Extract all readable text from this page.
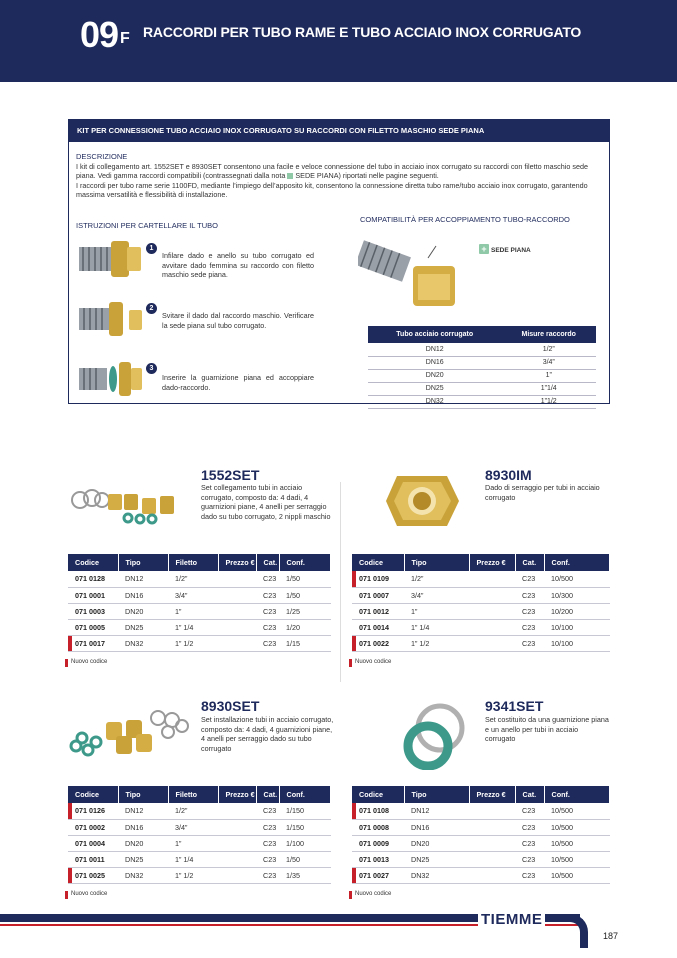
09 F RACCORDI PER TUBO RAME E TUBO ACCIAIO INOX CORRUGATO
KIT PER CONNESSIONE TUBO ACCIAIO INOX CORRUGATO SU RACCORDI CON FILETTO MASCHIO SEDE PIANA
DESCRIZIONE
I kit di collegamento art. 1552SET e 8930SET consentono una facile e veloce connessione del tubo in acciaio inox corrugato su raccordi con filetto maschio sede piana. Vedi gamma raccordi compatibili (contrassegnati dalla nota SEDE PIANA) riportati nelle pagine seguenti.
I raccordi per tubo rame serie 1100FD, mediante l’impiego dell’apposito kit, consentono la connessione diretta tubo rame/tubo acciaio inox corrugato, garantendo massima versatilità e flessibilità di installazione.
ISTRUZIONI PER CARTELLARE IL TUBO
COMPATIBILITÀ PER ACCOPPIAMENTO TUBO-RACCORDO
1
Infilare dado e anello su tubo corrugato ed avvitare dado femmina su raccordo con filetto maschio sede piana.
2
Svitare il dado dal raccordo maschio. Verificare la sede piana sul tubo corrugato.
3
Inserire la guarnizione piana ed accoppiare dado-raccordo.
+ SEDE PIANA
Tubo acciaio corrugato	Misure raccordo
DN12	1/2”
DN16	3/4”
DN20	1”
DN25	1”1/4
DN32	1”1/2
1552SET
Set collegamento tubi in acciaio corrugato, composto da: 4 dadi, 4 guarnizioni piane, 4 anelli per serraggio dado su tubo corrugato, 2 nippli maschio
Codice	Tipo	Filetto	Prezzo €	Cat.	Conf.
071 0128	DN12	1/2”		C23	1/50
071 0001	DN16	3/4”		C23	1/50
071 0003	DN20	1”		C23	1/25
071 0005	DN25	1” 1/4		C23	1/20
071 0017	DN32	1” 1/2		C23	1/15
Nuovo codice
8930IM
Dado di serraggio per tubi in acciaio corrugato
Codice	Tipo	Prezzo €	Cat.	Conf.
071 0109	1/2”		C23	10/500
071 0007	3/4”		C23	10/300
071 0012	1”		C23	10/200
071 0014	1” 1/4		C23	10/100
071 0022	1” 1/2		C23	10/100
Nuovo codice
8930SET
Set installazione tubi in acciaio corrugato, composto da: 4 dadi, 4 guarnizioni piane, 4 anelli per serraggio dado su tubo corrugato
Codice	Tipo	Filetto	Prezzo €	Cat.	Conf.
071 0126	DN12	1/2”		C23	1/150
071 0002	DN16	3/4”		C23	1/150
071 0004	DN20	1”		C23	1/100
071 0011	DN25	1” 1/4		C23	1/50
071 0025	DN32	1” 1/2		C23	1/35
Nuovo codice
9341SET
Set costituito da una guarnizione piana e un anello per tubi in acciaio corrugato
Codice	Tipo	Prezzo €	Cat.	Conf.
071 0108	DN12		C23	10/500
071 0008	DN16		C23	10/500
071 0009	DN20		C23	10/500
071 0013	DN25		C23	10/500
071 0027	DN32		C23	10/500
Nuovo codice
TIEMME
187
